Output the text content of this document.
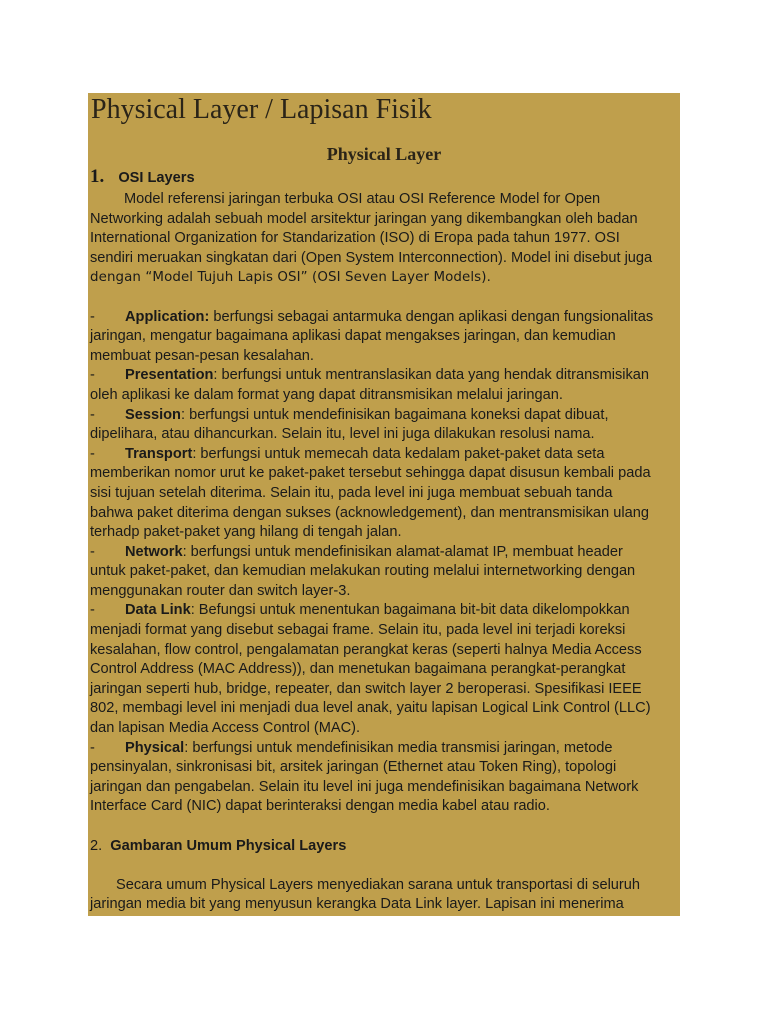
Physical Layer / Lapisan Fisik
Physical Layer
1. OSI Layers

Model referensi jaringan terbuka OSI atau OSI Reference Model for Open

Networking adalah sebuah model arsitektur jaringan yang dikembangkan oleh badan

International Organization for Standarization (ISO) di Eropa pada tahun 1977. OSI

sendiri meruakan singkatan dari (Open System Interconnection). Model ini disebut juga

dengan “Model Tujuh Lapis OSI” (OSI Seven Layer Models).

- Application: berfungsi sebagai antarmuka dengan aplikasi dengan fungsionalitas

jaringan, mengatur bagaimana aplikasi dapat mengakses jaringan, dan kemudian

membuat pesan-pesan kesalahan.

- Presentation: berfungsi untuk mentranslasikan data yang hendak ditransmisikan

oleh aplikasi ke dalam format yang dapat ditransmisikan melalui jaringan.

- Session: berfungsi untuk mendefinisikan bagaimana koneksi dapat dibuat,

dipelihara, atau dihancurkan. Selain itu, level ini juga dilakukan resolusi nama.

- Transport: berfungsi untuk memecah data kedalam paket-paket data seta

memberikan nomor urut ke paket-paket tersebut sehingga dapat disusun kembali pada

sisi tujuan setelah diterima. Selain itu, pada level ini juga membuat sebuah tanda

bahwa paket diterima dengan sukses (acknowledgement), dan mentransmisikan ulang

terhadp paket-paket yang hilang di tengah jalan.

- Network: berfungsi untuk mendefinisikan alamat-alamat IP, membuat header

untuk paket-paket, dan kemudian melakukan routing melalui internetworking dengan

menggunakan router dan switch layer-3.

- Data Link: Befungsi untuk menentukan bagaimana bit-bit data dikelompokkan

menjadi format yang disebut sebagai frame. Selain itu, pada level ini terjadi koreksi

kesalahan, flow control, pengalamatan perangkat keras (seperti halnya Media Access

Control Address (MAC Address)), dan menetukan bagaimana perangkat-perangkat

jaringan seperti hub, bridge, repeater, dan switch layer 2 beroperasi. Spesifikasi IEEE

802, membagi level ini menjadi dua level anak, yaitu lapisan Logical Link Control (LLC)

dan lapisan Media Access Control (MAC).

- Physical: berfungsi untuk mendefinisikan media transmisi jaringan, metode

pensinyalan, sinkronisasi bit, arsitek jaringan (Ethernet atau Token Ring), topologi

jaringan dan pengabelan. Selain itu level ini juga mendefinisikan bagaimana Network

Interface Card (NIC) dapat berinteraksi dengan media kabel atau radio.

2. Gambaran Umum Physical Layers

Secara umum Physical Layers menyediakan sarana untuk transportasi di seluruh

jaringan media bit yang menyusun kerangka Data Link layer. Lapisan ini menerima
